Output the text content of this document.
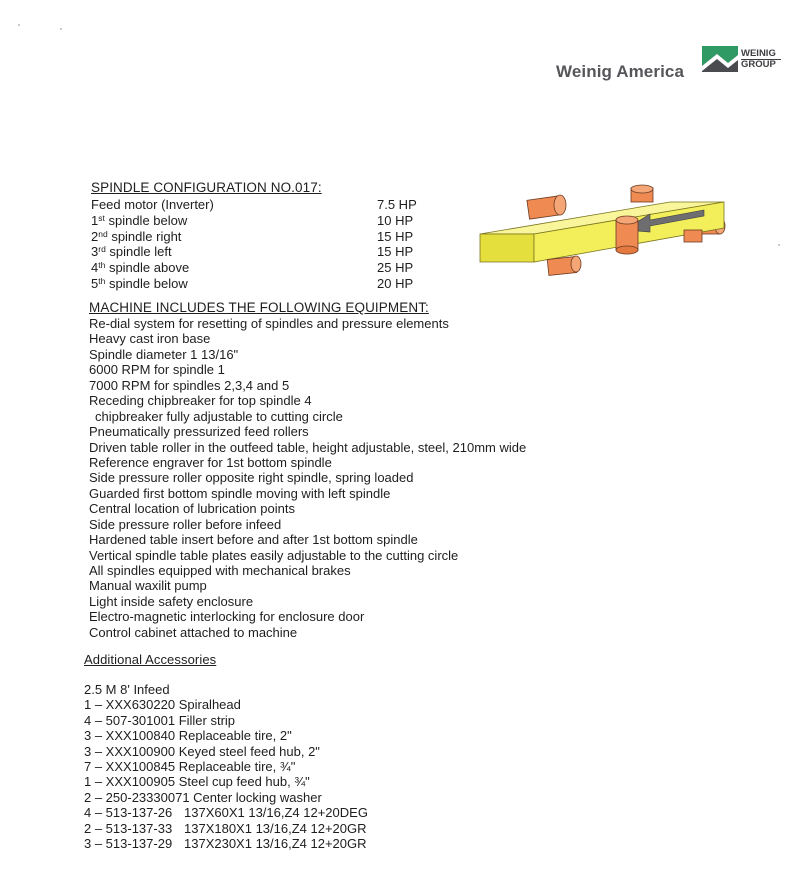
Weinig America
WEINIG
GROUP
SPINDLE CONFIGURATION NO.017:
Feed motor (Inverter)	7.5 HP
1st spindle below	10 HP
2nd spindle right	15 HP
3rd spindle left	15 HP
4th spindle above	25 HP
5th spindle below	20 HP
MACHINE INCLUDES THE FOLLOWING EQUIPMENT:
Re-dial system for resetting of spindles and pressure elements
Heavy cast iron base
Spindle diameter 1 13/16"
6000 RPM for spindle 1
7000 RPM for spindles 2,3,4 and 5
Receding chipbreaker for top spindle 4
chipbreaker fully adjustable to cutting circle
Pneumatically pressurized feed rollers
Driven table roller in the outfeed table, height adjustable, steel, 210mm wide
Reference engraver for 1st bottom spindle
Side pressure roller opposite right spindle, spring loaded
Guarded first bottom spindle moving with left spindle
Central location of lubrication points
Side pressure roller before infeed
Hardened table insert before and after 1st bottom spindle
Vertical spindle table plates easily adjustable to the cutting circle
All spindles equipped with mechanical brakes
Manual waxilit pump
Light inside safety enclosure
Electro-magnetic interlocking for enclosure door
Control cabinet attached to machine
Additional Accessories
2.5 M 8' Infeed
1 – XXX630220 Spiralhead
4 – 507-301001 Filler strip
3 – XXX100840 Replaceable tire, 2"
3 – XXX100900 Keyed steel feed hub, 2"
7 – XXX100845 Replaceable tire, ¾"
1 – XXX100905 Steel cup feed hub, ¾"
2 – 250-23330071 Center locking washer
4 – 513-137-26 137X60X1 13/16,Z4 12+20DEG
2 – 513-137-33 137X180X1 13/16,Z4 12+20GR
3 – 513-137-29 137X230X1 13/16,Z4 12+20GR
